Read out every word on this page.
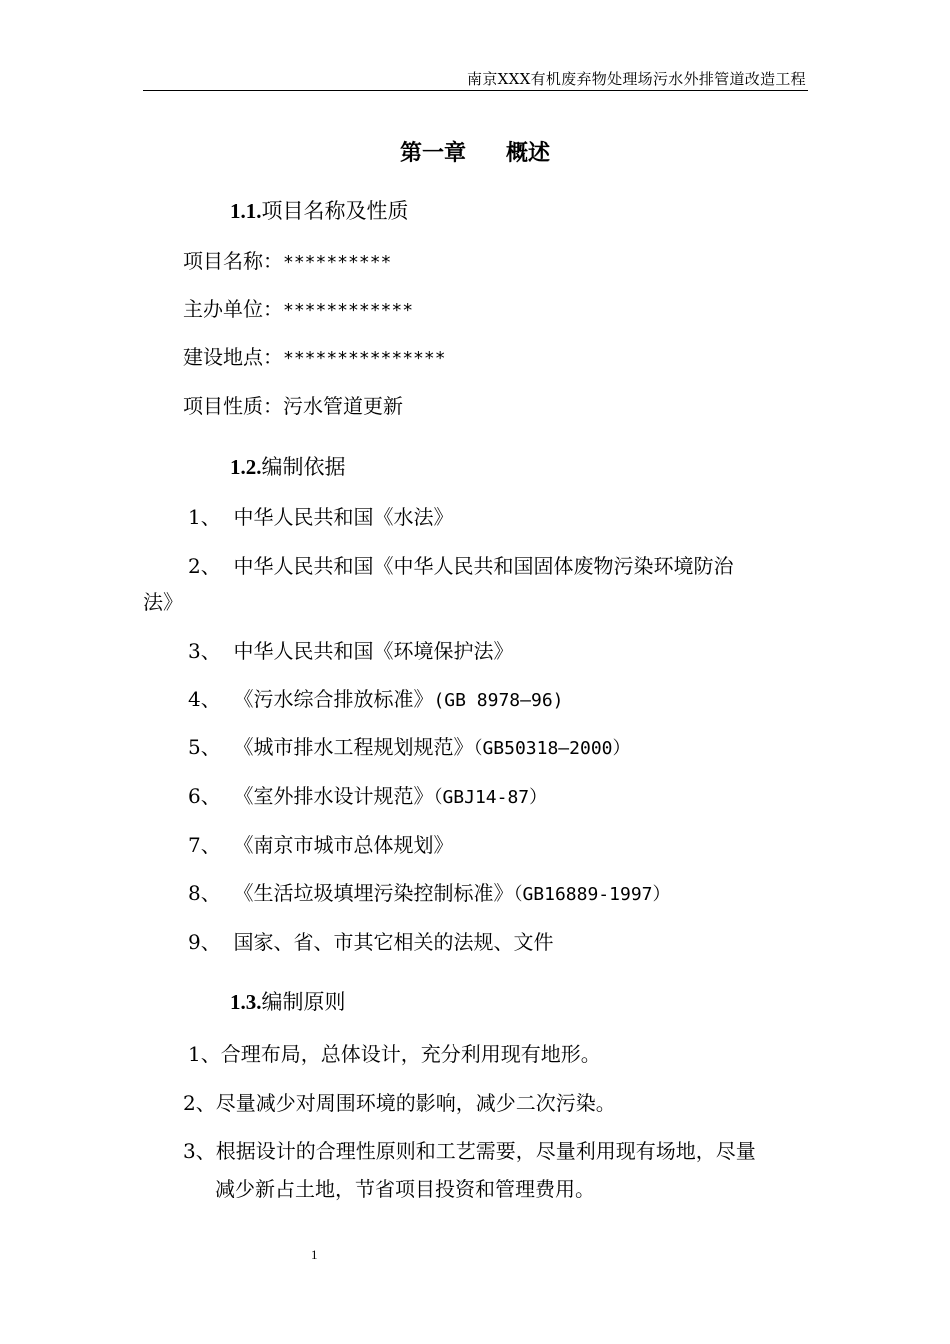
南京XXX有机废弃物处理场污水外排管道改造工程
第一章 概述
1.1.项目名称及性质
项目名称：**********
主办单位：************
建设地点：***************
项目性质：污水管道更新
1.2.编制依据
1、 中华人民共和国《水法》
2、 中华人民共和国《中华人民共和国固体废物污染环境防治
法》
3、 中华人民共和国《环境保护法》
4、 《污水综合排放标准》(GB 8978—96)
5、 《城市排水工程规划规范》（GB50318—2000）
6、 《室外排水设计规范》（GBJ14-87）
7、 《南京市城市总体规划》
8、 《生活垃圾填埋污染控制标准》（GB16889-1997）
9、 国家、省、市其它相关的法规、文件
1.3.编制原则
1、合理布局，总体设计，充分利用现有地形。
2、尽量减少对周围环境的影响，减少二次污染。
3、根据设计的合理性原则和工艺需要，尽量利用现有场地，尽量
减少新占土地，节省项目投资和管理费用。
1
